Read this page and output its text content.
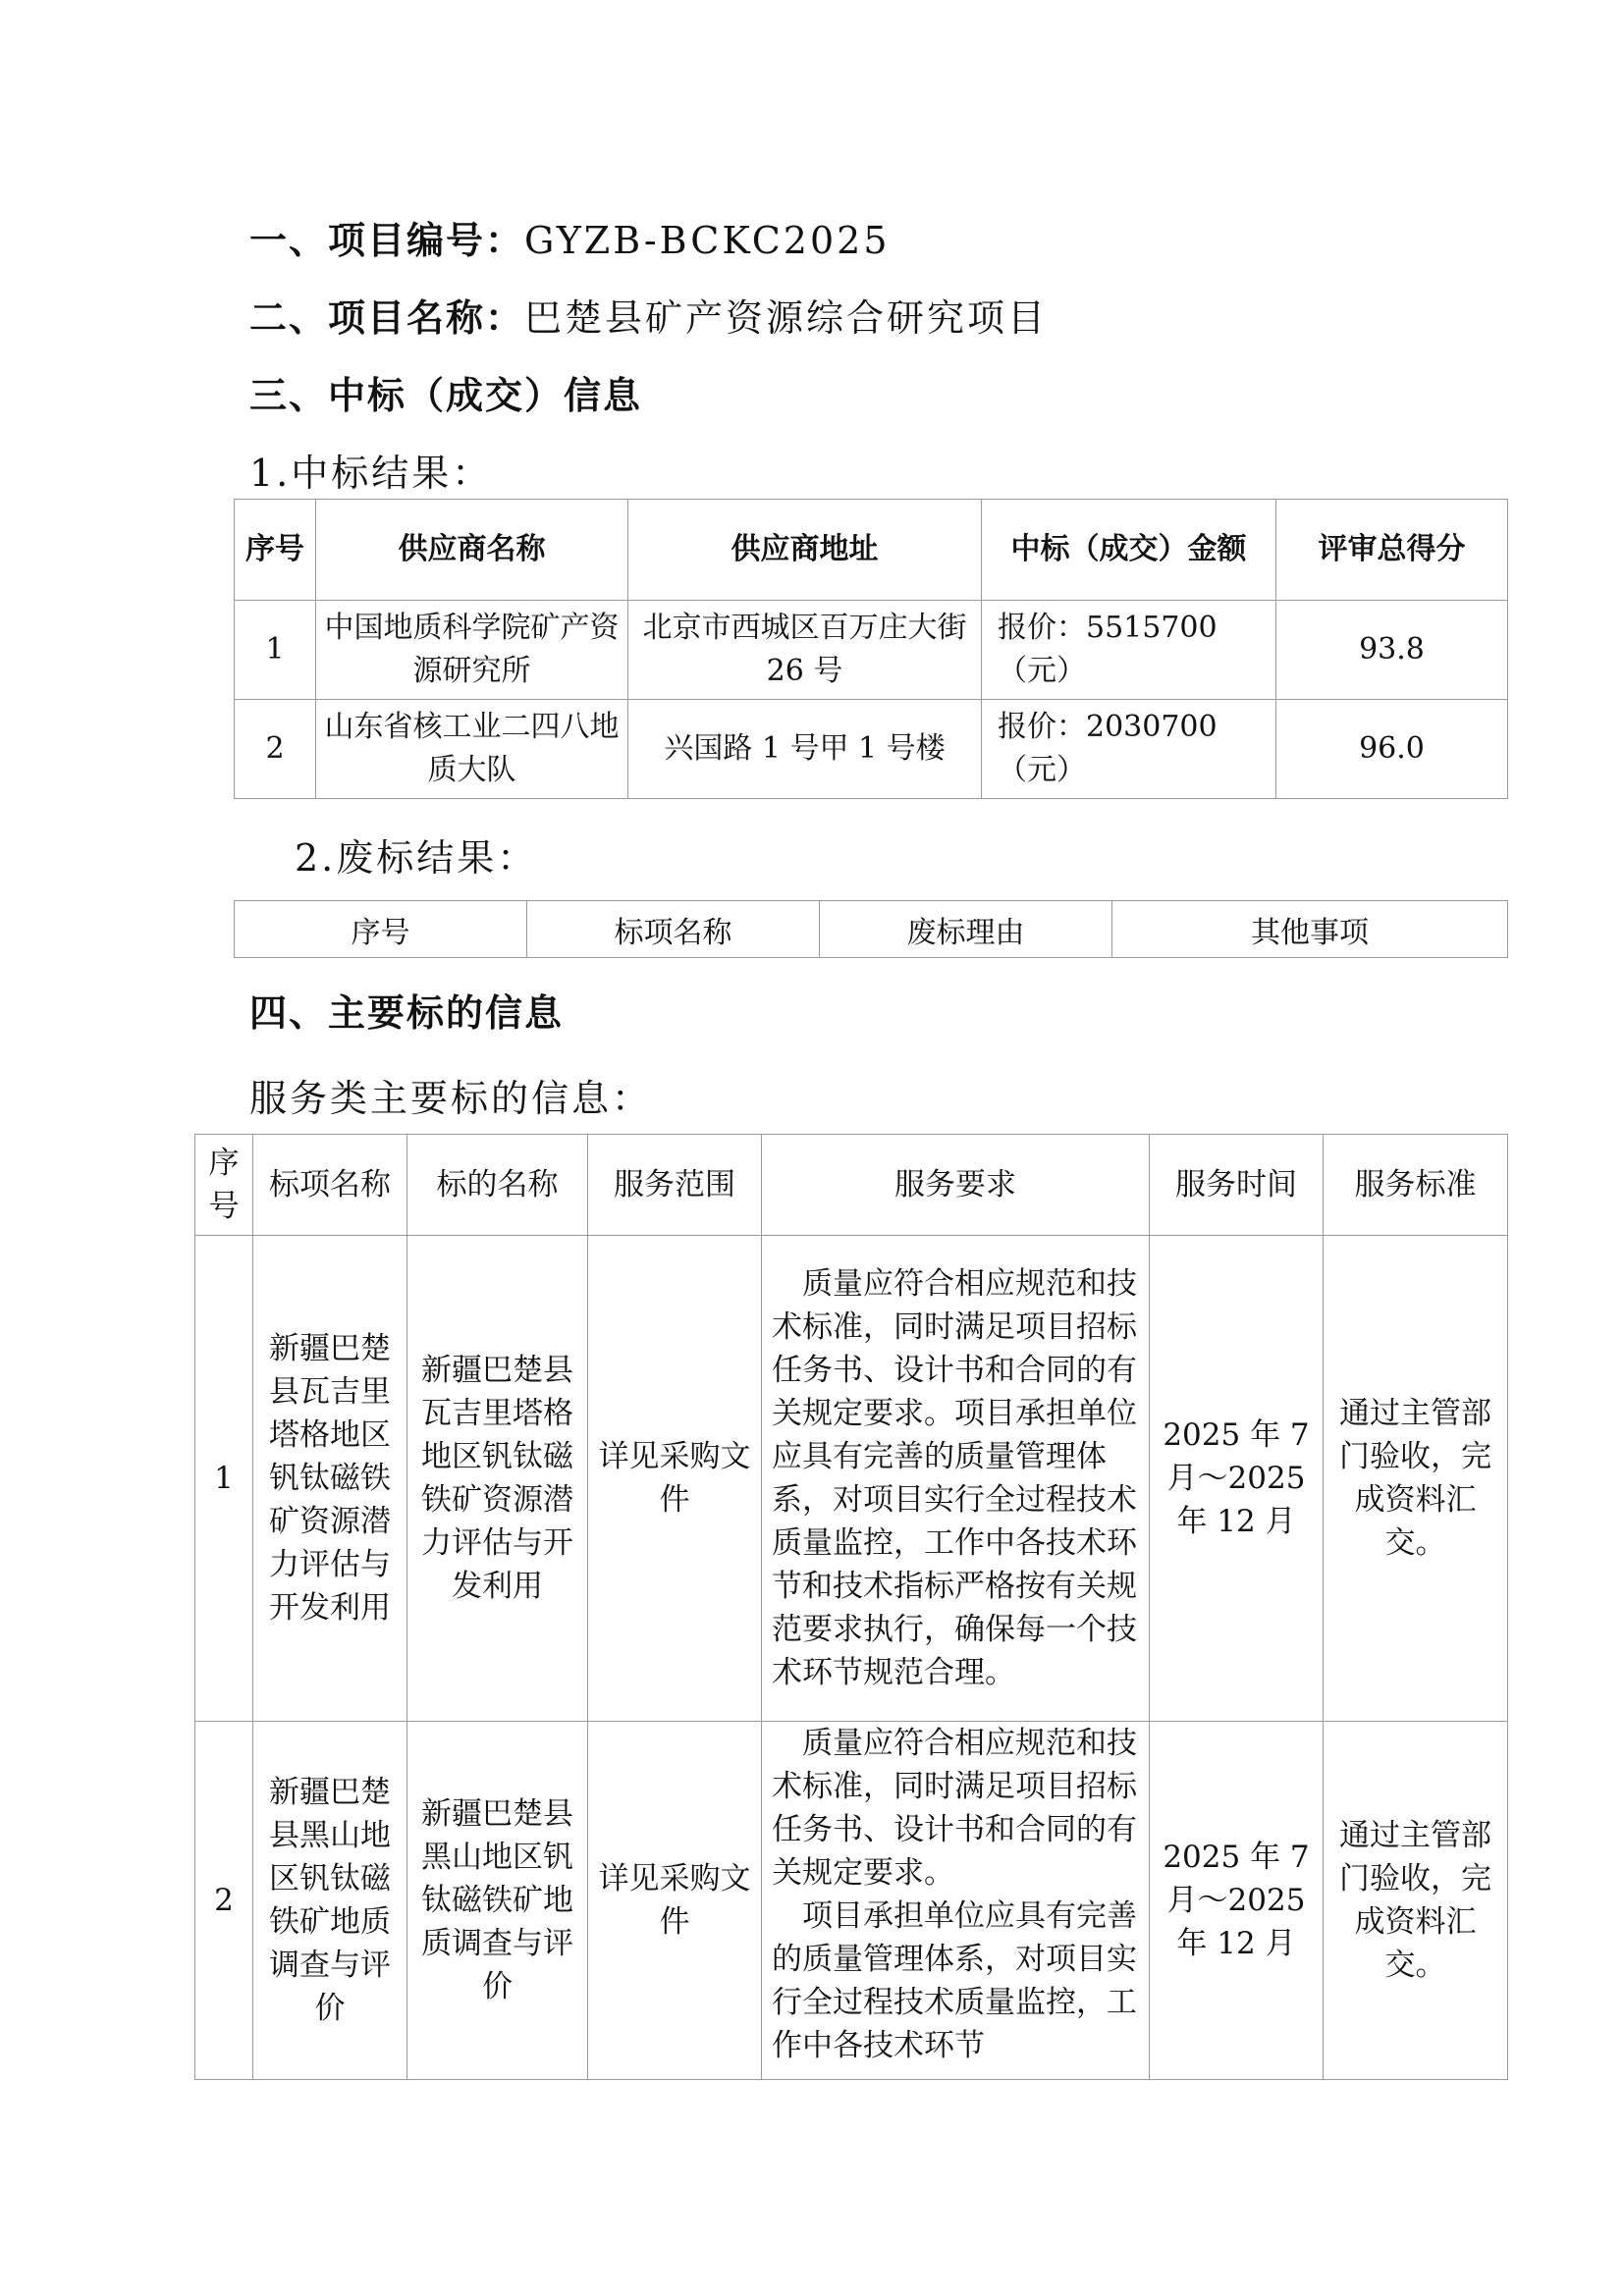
一、项目编号：GYZB-BCKC2025
二、项目名称：巴楚县矿产资源综合研究项目
三、中标（成交）信息
1.中标结果：
序号	供应商名称	供应商地址	中标（成交）金额	评审总得分
1	中国地质科学院矿产资源研究所	北京市西城区百万庄大街 26 号	报价：5515700（元）	93.8
2	山东省核工业二四八地质大队	兴国路 1 号甲 1 号楼	报价：2030700（元）	96.0
2.废标结果：
序号	标项名称	废标理由	其他事项
四、主要标的信息
服务类主要标的信息：
序号	标项名称	标的名称	服务范围	服务要求	服务时间	服务标准
1	新疆巴楚县瓦吉里塔格地区钒钛磁铁矿资源潜力评估与开发利用	新疆巴楚县瓦吉里塔格地区钒钛磁铁矿资源潜力评估与开发利用	详见采购文件	质量应符合相应规范和技术标准，同时满足项目招标任务书、设计书和合同的有关规定要求。项目承担单位应具有完善的质量管理体系，对项目实行全过程技术质量监控，工作中各技术环节和技术指标严格按有关规范要求执行，确保每一个技术环节规范合理。	2025 年 7 月～2025 年 12 月	通过主管部门验收，完成资料汇交。
2	新疆巴楚县黑山地区钒钛磁铁矿地质调查与评价	新疆巴楚县黑山地区钒钛磁铁矿地质调查与评价	详见采购文件	质量应符合相应规范和技术标准，同时满足项目招标任务书、设计书和合同的有关规定要求。
项目承担单位应具有完善的质量管理体系，对项目实行全过程技术质量监控，工作中各技术环节	2025 年 7 月～2025 年 12 月	通过主管部门验收，完成资料汇交。
